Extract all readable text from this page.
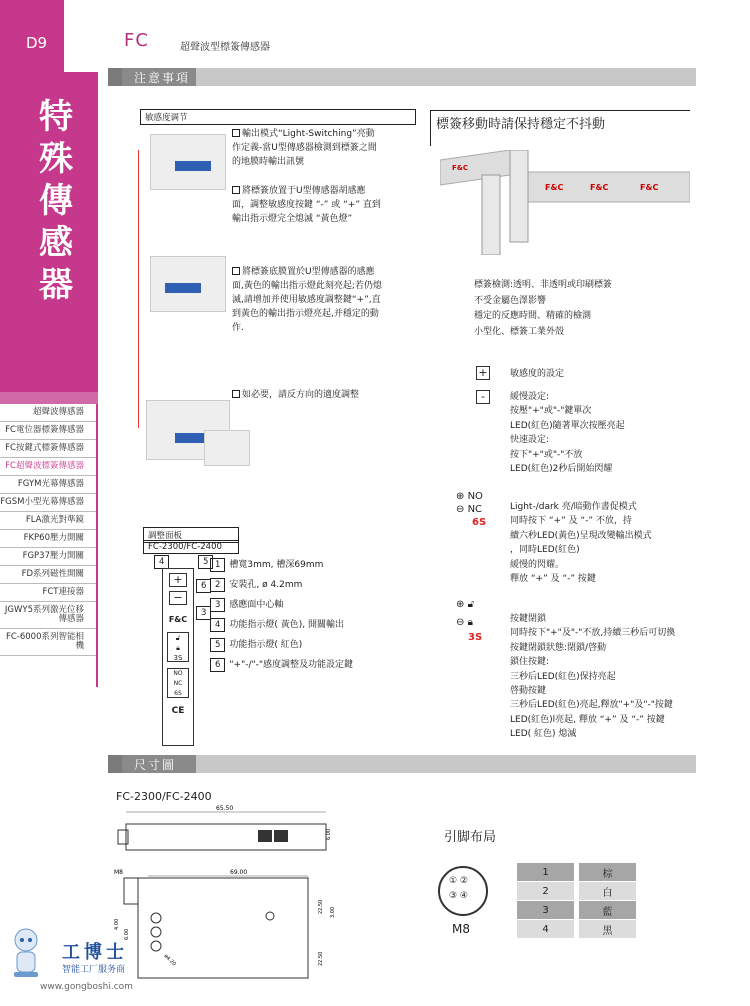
D9
特殊傳感器
超聲波傳感器
FC電位器標簽傳感器
FC按鍵式標簽傳感器
FC超聲波標簽傳感器
FGYM光幕傳感器
FGSM小型光幕傳感器
FLA激光對準鏡
FKP60壓力開關
FGP37壓力開關
FD系列磁性開關
FCT連接器
JGWY5系列激光位移傳感器
FC-6000系列智能相機
FC	超聲波型標簽傳感器
注意事項
敏感度调节
輸出模式“Light-Switching”亮動作定義-當U型傳感器檢測到標簽之間的地膜時輸出訊號
將標簽放置于U型傳感器胡感應面，調整敏感度按鍵 “-” 或 “+” 直到輸出指示燈完全熄滅 “黃色燈”
將標簽底膜置於U型傳感器的感應面,黃色的輸出指示燈此刻亮起;若仍熄滅,請增加并使用敏感度調整鍵“+”,直到黃色的輸出指示燈亮起,并穩定的動作.
如必要，請反方向的適度調整
標簽移動時請保持穩定不抖動
F&C
F&C	F&C	F&C
標簽檢測:透明、非透明或印刷標簽
不受金屬色澤影響
穩定的反應時間、精確的檢測
小型化、標簽工業外殼
+ 敏感度的設定
-	緩慢設定:
按壓"+"或"-"鍵單次
LED(紅色)隨著單次按壓亮起
快速設定:
按下"+"或"-"不放
LED(紅色)2秒后開始閃耀
⊕ NO
⊖ NC
6S
Light-/dark 亮/暗動作書促模式
同時按下 “+” 及 “-” 不放，持
續六秒LED(黃色)呈現改變輸出模式
，同時LED(紅色)
緩慢的閃耀。
釋放 “+” 及 “-” 按鍵
⊕ 🔓︎
⊖ 🔒︎
3S
按鍵閉鎖
同時按下"+"及"-"不放,持續三秒后可切換
按鍵閉鎖狀態:閉鎖/啓動
鎖住按鍵:
三秒后LED(紅色)保持亮起
啓動按鍵
三秒后LED(紅色)亮起,釋放"+"及"-"按鍵
LED(紅色)l亮起, 釋放 “+” 及 “-” 按鍵
LED( 紅色) 熄滅
調整面板
FC-2300/FC-2400
4	5
6
3
+
−
F&C
🔓︎
🔒︎
3S
NO
NC
6S
CE
1 槽寬3mm, 槽深69mm
2 安裝孔, ø 4.2mm
3 感應面中心軸
4 功能指示燈( 黃色), 開關輸出
5 功能指示燈( 紅色)
6 "+"-/"-"感度調整及功能設定鍵
尺寸圖
FC-2300/FC-2400
65.50
6.00
69.00
M8
4.00
6.00
ø4.20
22.50 3.00
22.50
引脚布局
① ②
③ ④
M8
1		棕
2		白
3		藍
4		黑
工博士
智能工厂服务商
www.gongboshi.com
